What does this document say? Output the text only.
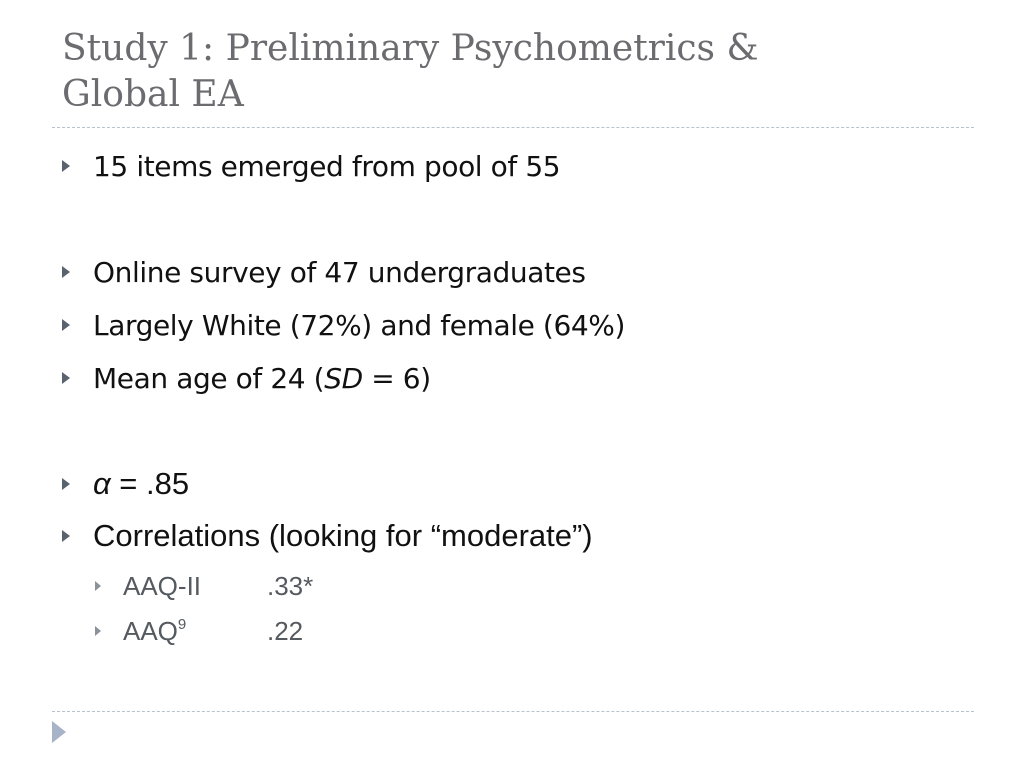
Study 1: Preliminary Psychometrics &
Global EA
15 items emerged from pool of 55
Online survey of 47 undergraduates
Largely White (72%) and female (64%)
Mean age of 24 (SD = 6)
α = .85
Correlations (looking for “moderate”)
AAQ-II	.33*
AAQ$^9$	.22
